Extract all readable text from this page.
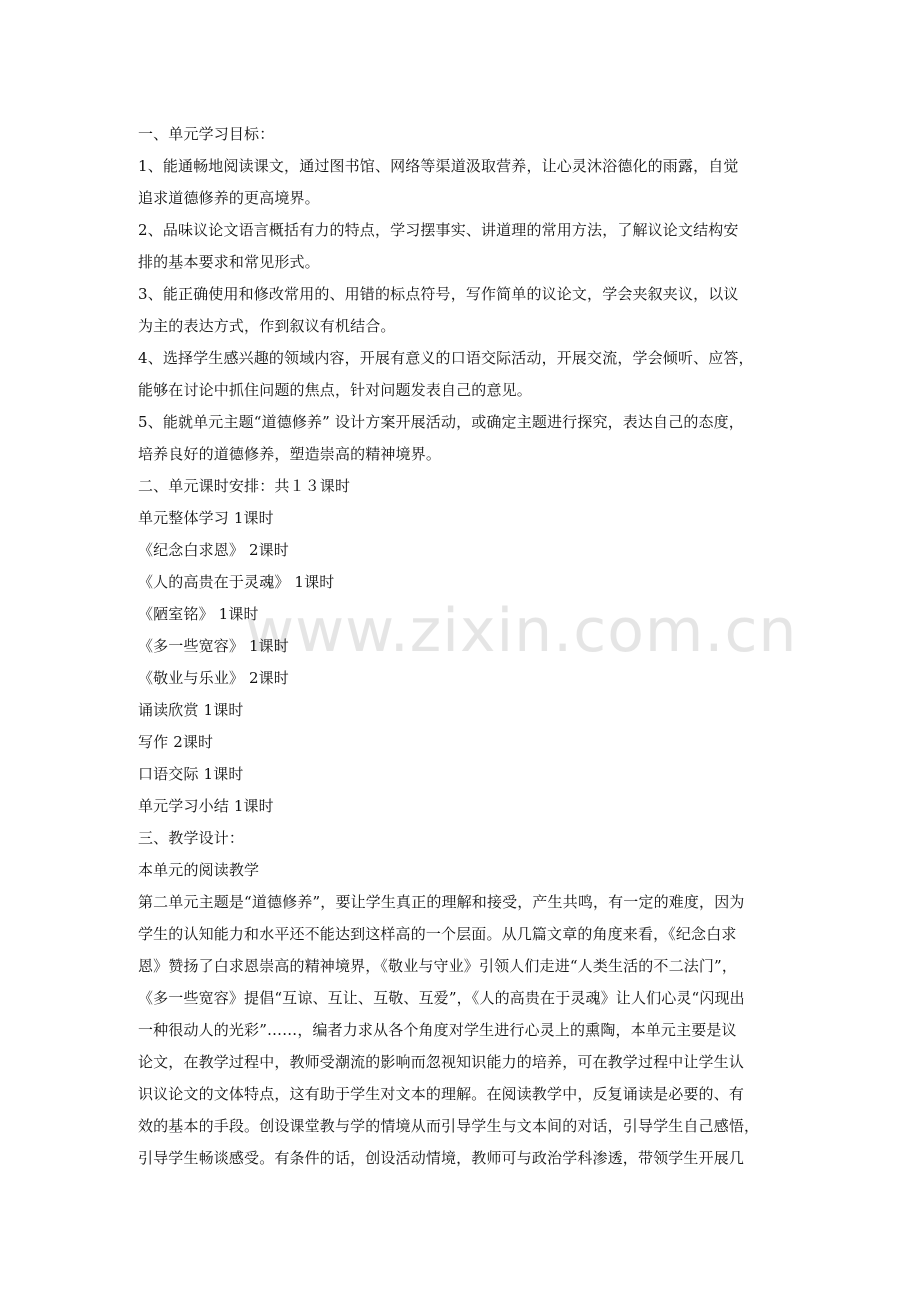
www.zixin.com.cn
一、单元学习目标：
1、能通畅地阅读课文，通过图书馆、网络等渠道汲取营养，让心灵沐浴德化的雨露，自觉
追求道德修养的更高境界。
2、品味议论文语言概括有力的特点，学习摆事实、讲道理的常用方法，了解议论文结构安
排的基本要求和常见形式。
3、能正确使用和修改常用的、用错的标点符号，写作简单的议论文，学会夹叙夹议，以议
为主的表达方式，作到叙议有机结合。
4、选择学生感兴趣的领域内容，开展有意义的口语交际活动，开展交流，学会倾听、应答，
能够在讨论中抓住问题的焦点，针对问题发表自己的意见。
5、能就单元主题“道德修养” 设计方案开展活动，或确定主题进行探究，表达自己的态度，
培养良好的道德修养，塑造崇高的精神境界。
二、单元课时安排：共１３课时
单元整体学习 1课时
《纪念白求恩》 2课时
《人的高贵在于灵魂》 1课时
《陋室铭》 1课时
《多一些宽容》 1课时
《敬业与乐业》 2课时
诵读欣赏 1课时
写作 2课时
口语交际 1课时
单元学习小结 1课时
三、教学设计：
本单元的阅读教学
第二单元主题是“道德修养”，要让学生真正的理解和接受，产生共鸣，有一定的难度，因为
学生的认知能力和水平还不能达到这样高的一个层面。从几篇文章的角度来看，《纪念白求
恩》赞扬了白求恩崇高的精神境界，《敬业与守业》引领人们走进“人类生活的不二法门”，
《多一些宽容》提倡“互谅、互让、互敬、互爱”，《人的高贵在于灵魂》让人们心灵“闪现出
一种很动人的光彩”……，编者力求从各个角度对学生进行心灵上的熏陶，本单元主要是议
论文，在教学过程中，教师受潮流的影响而忽视知识能力的培养，可在教学过程中让学生认
识议论文的文体特点，这有助于学生对文本的理解。在阅读教学中，反复诵读是必要的、有
效的基本的手段。创设课堂教与学的情境从而引导学生与文本间的对话，引导学生自己感悟，
引导学生畅谈感受。有条件的话，创设活动情境，教师可与政治学科渗透，带领学生开展几
